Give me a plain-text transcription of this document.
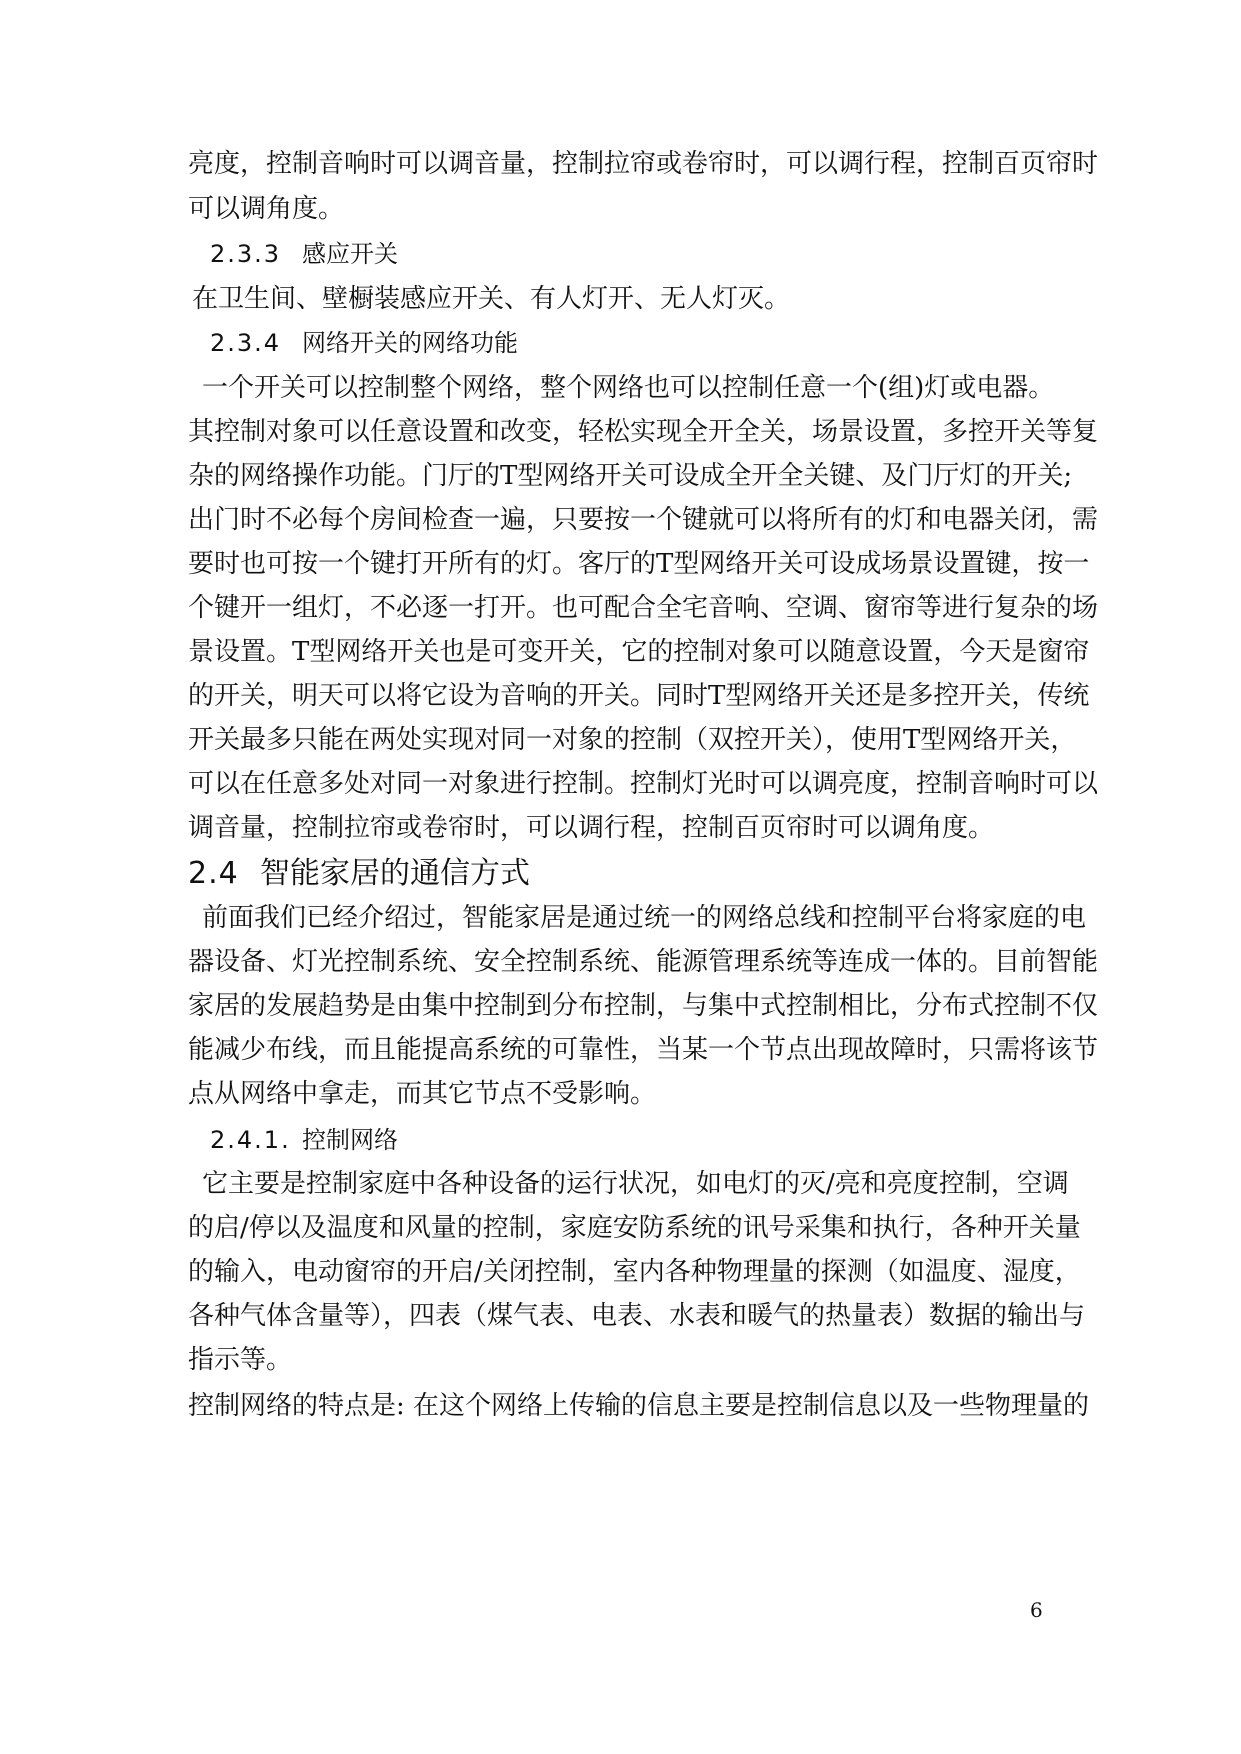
亮度，控制音响时可以调音量，控制拉帘或卷帘时，可以调行程，控制百页帘时
可以调角度。
2.3.3 感应开关
在卫生间、壁橱装感应开关、有人灯开、无人灯灭。
2.3.4 网络开关的网络功能
一个开关可以控制整个网络，整个网络也可以控制任意一个(组)灯或电器。
其控制对象可以任意设置和改变，轻松实现全开全关，场景设置，多控开关等复
杂的网络操作功能。门厅的T型网络开关可设成全开全关键、及门厅灯的开关;
出门时不必每个房间检查一遍，只要按一个键就可以将所有的灯和电器关闭，需
要时也可按一个键打开所有的灯。客厅的T型网络开关可设成场景设置键，按一
个键开一组灯，不必逐一打开。也可配合全宅音响、空调、窗帘等进行复杂的场
景设置。T型网络开关也是可变开关，它的控制对象可以随意设置，今天是窗帘
的开关，明天可以将它设为音响的开关。同时T型网络开关还是多控开关，传统
开关最多只能在两处实现对同一对象的控制（双控开关），使用T型网络开关，
可以在任意多处对同一对象进行控制。控制灯光时可以调亮度，控制音响时可以
调音量，控制拉帘或卷帘时，可以调行程，控制百页帘时可以调角度。
2.4 智能家居的通信方式
前面我们已经介绍过，智能家居是通过统一的网络总线和控制平台将家庭的电
器设备、灯光控制系统、安全控制系统、能源管理系统等连成一体的。目前智能
家居的发展趋势是由集中控制到分布控制，与集中式控制相比，分布式控制不仅
能减少布线，而且能提高系统的可靠性，当某一个节点出现故障时，只需将该节
点从网络中拿走，而其它节点不受影响。
2.4.1. 控制网络
它主要是控制家庭中各种设备的运行状况，如电灯的灭/亮和亮度控制，空调
的启/停以及温度和风量的控制，家庭安防系统的讯号采集和执行，各种开关量
的输入，电动窗帘的开启/关闭控制，室内各种物理量的探测（如温度、湿度，
各种气体含量等），四表（煤气表、电表、水表和暖气的热量表）数据的输出与
指示等。
控制网络的特点是: 在这个网络上传输的信息主要是控制信息以及一些物理量的
6
